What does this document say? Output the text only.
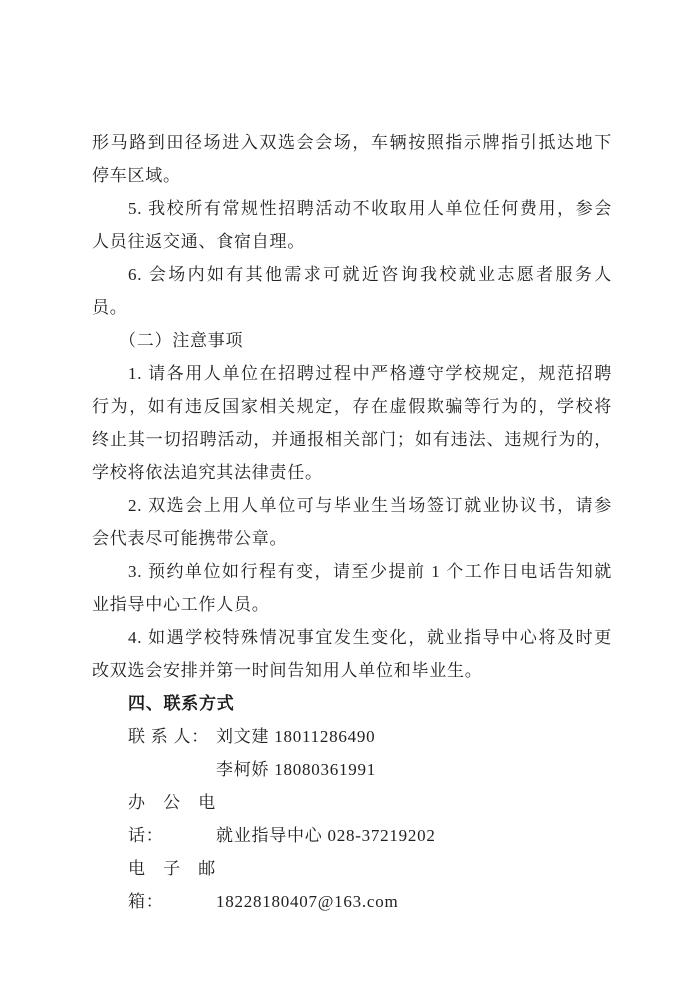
形马路到田径场进入双选会会场，车辆按照指示牌指引抵达地下
停车区域。
5. 我校所有常规性招聘活动不收取用人单位任何费用，参会
人员往返交通、食宿自理。
6. 会场内如有其他需求可就近咨询我校就业志愿者服务人
员。
（二）注意事项
1. 请各用人单位在招聘过程中严格遵守学校规定，规范招聘
行为，如有违反国家相关规定，存在虚假欺骗等行为的，学校将
终止其一切招聘活动，并通报相关部门；如有违法、违规行为的，
学校将依法追究其法律责任。
2. 双选会上用人单位可与毕业生当场签订就业协议书，请参
会代表尽可能携带公章。
3. 预约单位如行程有变，请至少提前 1 个工作日电话告知就
业指导中心工作人员。
4. 如遇学校特殊情况事宜发生变化，就业指导中心将及时更
改双选会安排并第一时间告知用人单位和毕业生。
四、联系方式
联 系 人： 刘文建 18011286490
李柯娇 18080361991
办公电话：	就业指导中心 028-37219202
电子邮箱：	18228180407@163.com
